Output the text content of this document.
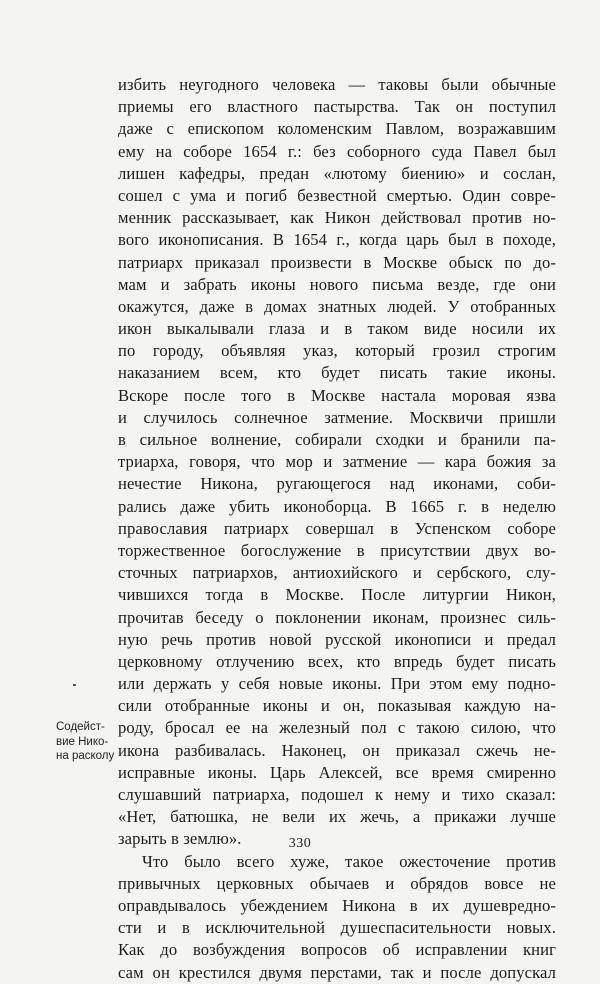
избить неугодного человека — таковы были обычные
приемы его властного пастырства. Так он поступил
даже с епископом коломенским Павлом, возражавшим
ему на соборе 1654 г.: без соборного суда Павел был
лишен кафедры, предан «лютому биению» и сослан,
сошел с ума и погиб безвестной смертью. Один совре-
менник рассказывает, как Никон действовал против но-
вого иконописания. В 1654 г., когда царь был в походе,
патриарх приказал произвести в Москве обыск по до-
мам и забрать иконы нового письма везде, где они
окажутся, даже в домах знатных людей. У отобранных
икон выкалывали глаза и в таком виде носили их
по городу, объявляя указ, который грозил строгим
наказанием всем, кто будет писать такие иконы.
Вскоре после того в Москве настала моровая язва
и случилось солнечное затмение. Москвичи пришли
в сильное волнение, собирали сходки и бранили па-
триарха, говоря, что мор и затмение — кара божия за
нечестие Никона, ругающегося над иконами, соби-
рались даже убить иконоборца. В 1665 г. в неделю
православия патриарх совершал в Успенском соборе
торжественное богослужение в присутствии двух во-
сточных патриархов, антиохийского и сербского, слу-
чившихся тогда в Москве. После литургии Никон,
прочитав беседу о поклонении иконам, произнес силь-
ную речь против новой русской иконописи и предал
церковному отлучению всех, кто впредь будет писать
или держать у себя новые иконы. При этом ему подно-
сили отобранные иконы и он, показывая каждую на-
роду, бросал ее на железный пол с такою силою, что
икона разбивалась. Наконец, он приказал сжечь не-
исправные иконы. Царь Алексей, все время смиренно
слушавший патриарха, подошел к нему и тихо сказал:
«Нет, батюшка, не вели их жечь, а прикажи лучше
зарыть в землю».
Что было всего хуже, такое ожесточение против
привычных церковных обычаев и обрядов вовсе не
оправдывалось убеждением Никона в их душевредно-
сти и в исключительной душеспасительности новых.
Как до возбуждения вопросов об исправлении книг
сам он крестился двумя перстами, так и после допускал
Содейст-
вие Нико-
на расколу
330
